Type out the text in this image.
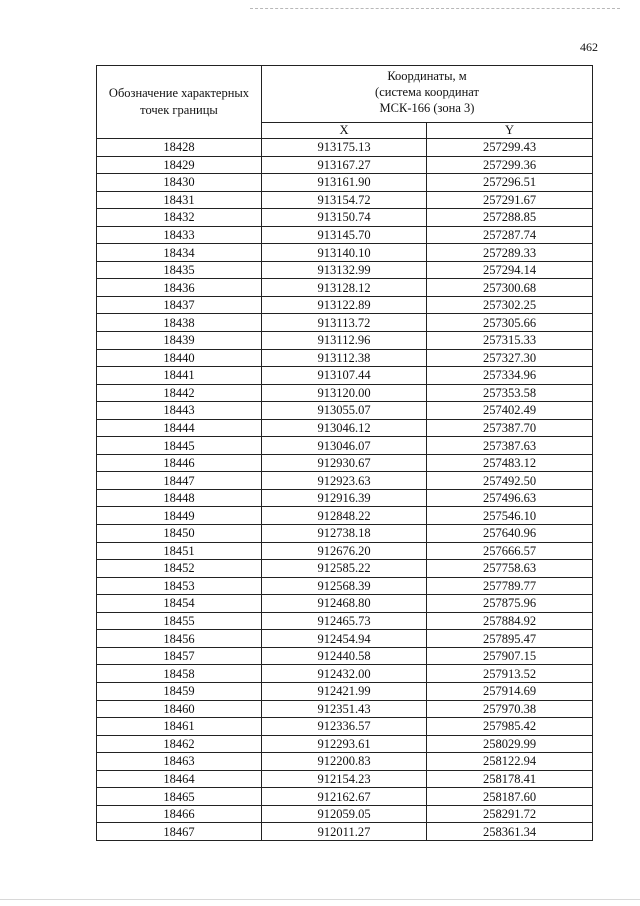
462
Обозначение характерных точек границы	Координаты, м
(система координат
МСК-166 (зона 3)	

	X	Y
18428	913175.13	257299.43
18429	913167.27	257299.36
18430	913161.90	257296.51
18431	913154.72	257291.67
18432	913150.74	257288.85
18433	913145.70	257287.74
18434	913140.10	257289.33
18435	913132.99	257294.14
18436	913128.12	257300.68
18437	913122.89	257302.25
18438	913113.72	257305.66
18439	913112.96	257315.33
18440	913112.38	257327.30
18441	913107.44	257334.96
18442	913120.00	257353.58
18443	913055.07	257402.49
18444	913046.12	257387.70
18445	913046.07	257387.63
18446	912930.67	257483.12
18447	912923.63	257492.50
18448	912916.39	257496.63
18449	912848.22	257546.10
18450	912738.18	257640.96
18451	912676.20	257666.57
18452	912585.22	257758.63
18453	912568.39	257789.77
18454	912468.80	257875.96
18455	912465.73	257884.92
18456	912454.94	257895.47
18457	912440.58	257907.15
18458	912432.00	257913.52
18459	912421.99	257914.69
18460	912351.43	257970.38
18461	912336.57	257985.42
18462	912293.61	258029.99
18463	912200.83	258122.94
18464	912154.23	258178.41
18465	912162.67	258187.60
18466	912059.05	258291.72
18467	912011.27	258361.34
